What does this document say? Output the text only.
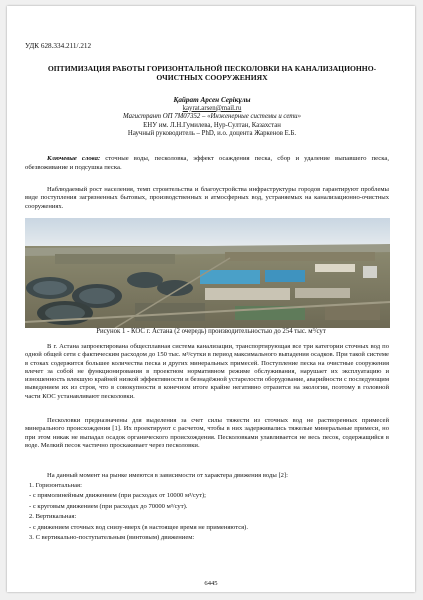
УДК 628.334.211/.212
ОПТИМИЗАЦИЯ РАБОТЫ ГОРИЗОНТАЛЬНОЙ ПЕСКОЛОВКИ НА КАНАЛИЗАЦИОННО-ОЧИСТНЫХ СООРУЖЕНИЯХ
Қайрат Арсен Серікұлы
kayrat.arsen@mail.ru
Магистрант ОП 7М07352 – «Инженерные системы и сети»
ЕНУ им. Л.Н.Гумилева, Нур-Султан, Казахстан
Научный руководитель – PhD, и.о. доцента Жаркенов Е.Б.
Ключевые слова: сточные воды, песколовка, эффект осаждения песка, сбор и удаление выпавшего песка, обезвоживание и подсушка песка.
Наблюдаемый рост населения, темп строительства и благоустройства инфраструктуры городов гарантируют проблемы виде поступления загрязненных бытовых, производственных и атмосферных вод, устраняемых на канализационно-очистных сооружениях.
Рисунок 1 - КОС г. Астана (2 очередь) производительностью до 254 тыс. м³/сут
В г. Астана запроектирована общесплавная система канализации, транспортирующая все три категории сточных вод по одной общей сети с фактическим расходом до 150 тыс. м³/сутки в период максимального выпадения осадков. При такой системе в стоках содержится большее количества песка и других минеральных примесей. Поступление песка на очистные сооружения влечет за собой не функционирования в проектном нормативном режиме обслуживания, нарушает их эксплуатацию и изношенность влекшую крайней низкой эффективности и безнадёжной устарелости оборудование, аварийности с последующим выведением их из строя, что в совокупности в конечном итоге крайне негативно отразится на экологии, поэтому в головной части КОС устанавливают песколовки.
Песколовки предназначены для выделения за счет силы тяжести из сточных вод не растворенных примесей минерального происхождения [1]. Их проектируют с расчетом, чтобы в них задерживались тяжелые минеральные примеси, но при этом никак не выпадал осадок органического происхождения. Песколовками улавливается не весь песок, содержащийся в воде. Мелкий песок частично проскакивает через песколовки.
На данный момент на рынке имеются в зависимости от характера движения воды [2]:
1. Горизонтальная:
- с прямолинейным движением (при расходах от 10000 м³/сут);
- с круговым движением (при расходах до 70000 м³/сут).
2. Вертикальная:
- с движением сточных вод снизу-вверх (в настоящее время не применяются).
3. С вертикально-поступательным (винтовым) движением:
6445
